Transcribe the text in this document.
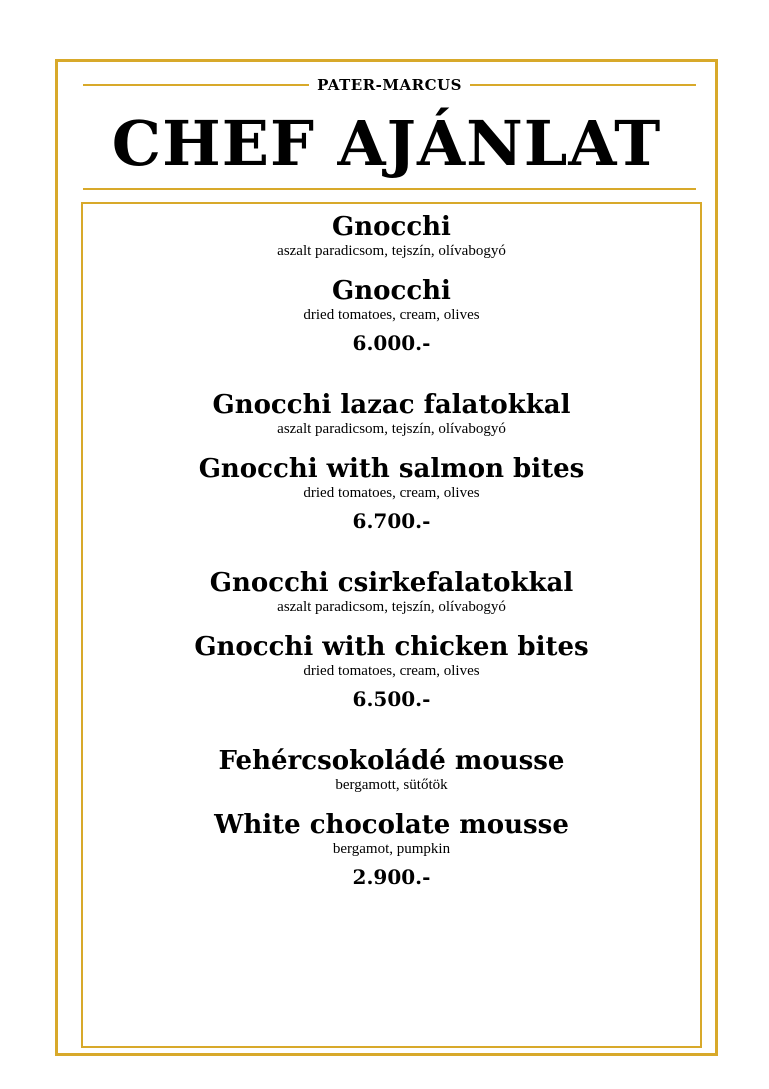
PATER-MARCUS
CHEF AJÁNLAT
Gnocchi
aszalt paradicsom, tejszín, olívabogyó
Gnocchi
dried tomatoes, cream, olives
6.000.-
Gnocchi lazac falatokkal
aszalt paradicsom, tejszín, olívabogyó
Gnocchi with salmon bites
dried tomatoes, cream, olives
6.700.-
Gnocchi csirkefalatokkal
aszalt paradicsom, tejszín, olívabogyó
Gnocchi with chicken bites
dried tomatoes, cream, olives
6.500.-
Fehércsokoládé mousse
bergamott, sütőtök
White chocolate mousse
bergamot, pumpkin
2.900.-
